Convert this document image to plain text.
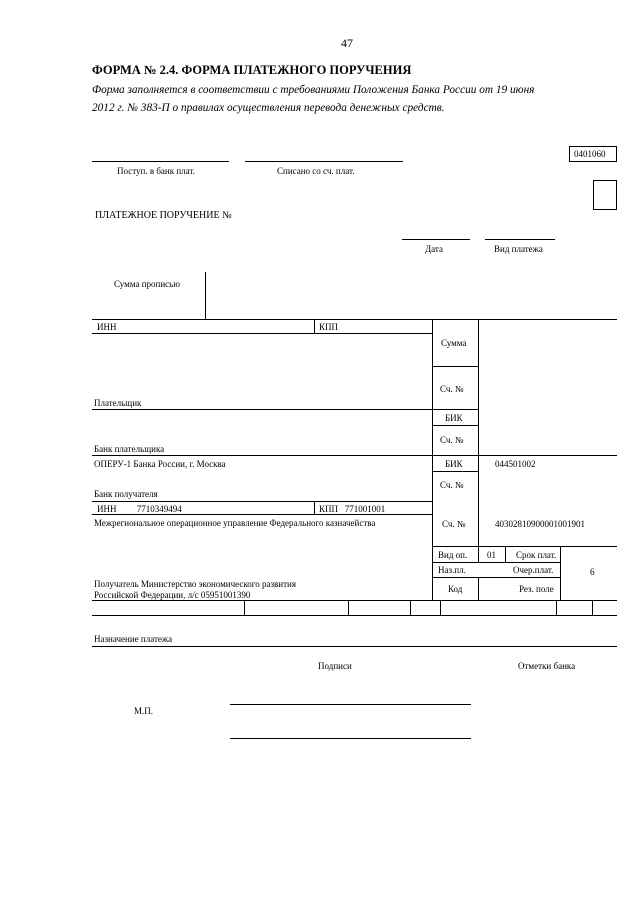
47
ФОРМА № 2.4. ФОРМА ПЛАТЕЖНОГО ПОРУЧЕНИЯ
Форма заполняется в соответствии с требованиями Положения Банка России от 19 июня
2012 г. № 383-П о правилах осуществления перевода денежных средств.
0401060
Поступ. в банк плат.	Списано со сч. плат.
ПЛАТЕЖНОЕ ПОРУЧЕНИЕ №
Дата	Вид платежа
Сумма прописью
ИНН	КПП
Сумма
Сч. №
Плательщик
БИК
Сч. №
Банк плательщика
ОПЕРУ-1 Банка России, г. Москва	БИК	044501002
Сч. №
Банк получателя
ИНН         7710349494	КПП   771001001
Межрегиональное операционное управление Федерального казначейства	Сч. №	40302810900001001901
Вид оп. 01 Срок плат.
Наз.пл.	Очер.плат.	6
Код	Рез. поле
Получатель Министерство экономического развития
Российской Федерации, л/с 05951001390
Назначение платежа
Подписи	Отметки банка
М.П.
